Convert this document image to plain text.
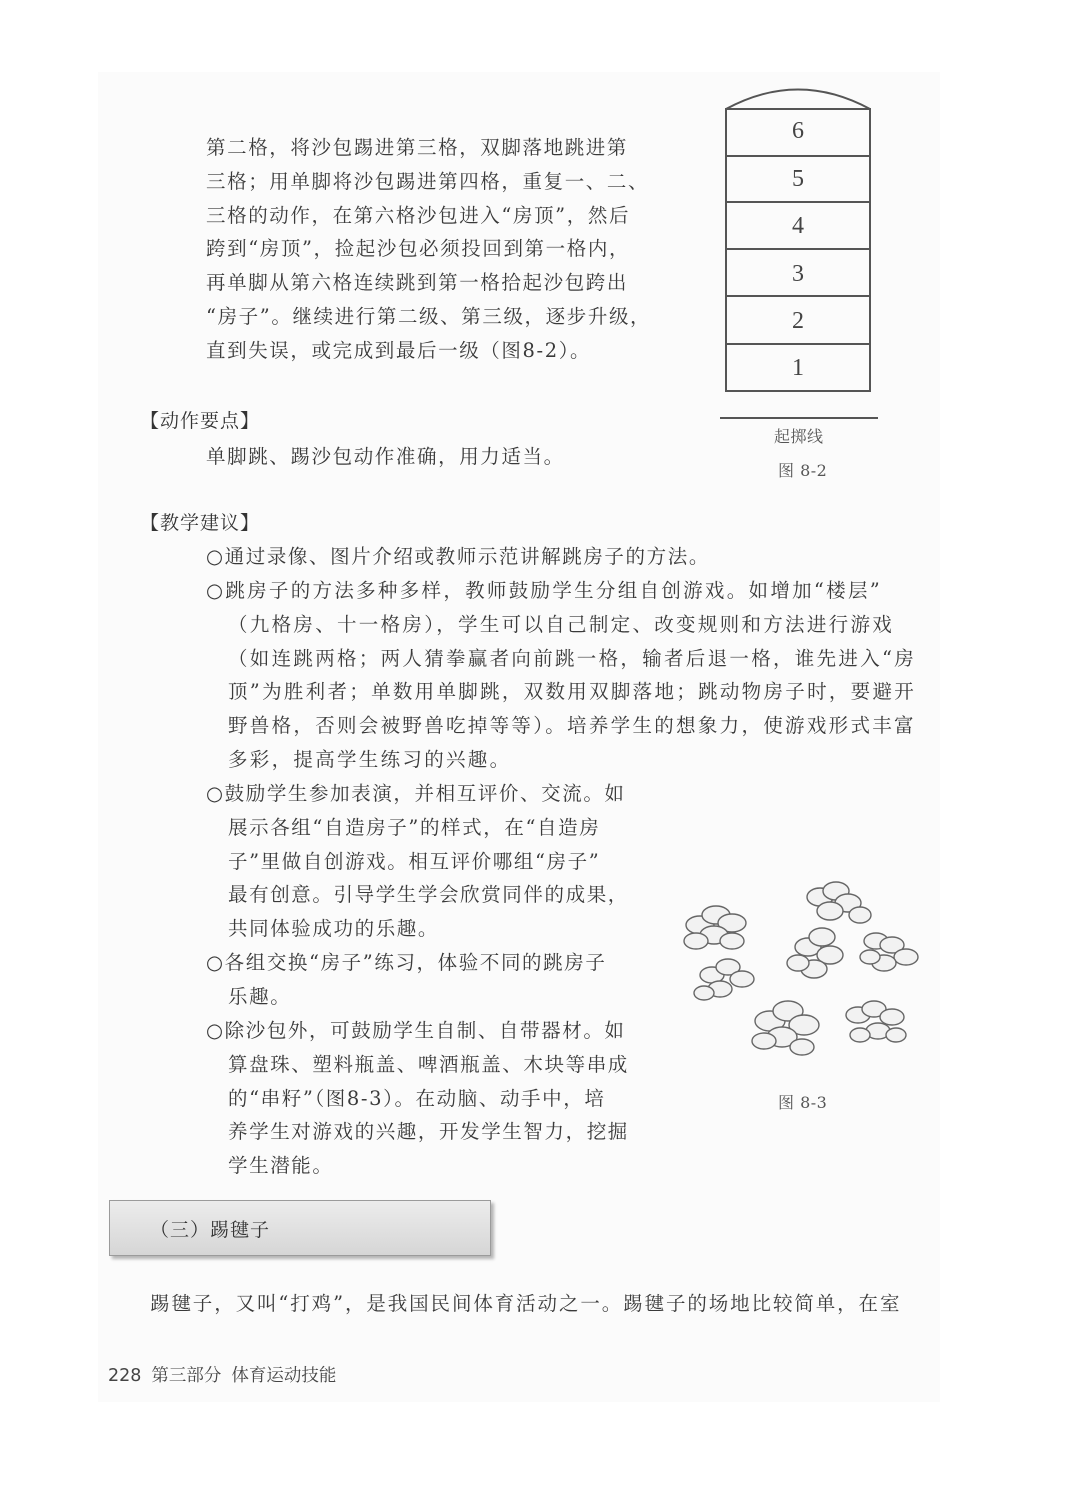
第二格，将沙包踢进第三格，双脚落地跳进第

三格；用单脚将沙包踢进第四格，重复一、二、

三格的动作，在第六格沙包进入“房顶”，然后

跨到“房顶”，捡起沙包必须投回到第一格内，

再单脚从第六格连续跳到第一格拾起沙包跨出

“房子”。继续进行第二级、第三级，逐步升级，

直到失误，或完成到最后一级（图8-2）。

6
5
4
3
2
1
起掷线
图 8-2
【动作要点】

单脚跳、踢沙包动作准确，用力适当。

【教学建议】

○通过录像、图片介绍或教师示范讲解跳房子的方法。

○跳房子的方法多种多样，教师鼓励学生分组自创游戏。如增加“楼层”

（九格房、十一格房），学生可以自己制定、改变规则和方法进行游戏

（如连跳两格；两人猜拳赢者向前跳一格，输者后退一格，谁先进入“房

顶”为胜利者；单数用单脚跳，双数用双脚落地；跳动物房子时，要避开

野兽格，否则会被野兽吃掉等等）。培养学生的想象力，使游戏形式丰富

多彩，提高学生练习的兴趣。

○鼓励学生参加表演，并相互评价、交流。如

展示各组“自造房子”的样式，在“自造房

子”里做自创游戏。相互评价哪组“房子”

最有创意。引导学生学会欣赏同伴的成果，

共同体验成功的乐趣。

○各组交换“房子”练习，体验不同的跳房子

乐趣。

○除沙包外，可鼓励学生自制、自带器材。如

算盘珠、塑料瓶盖、啤酒瓶盖、木块等串成

的“串籽”（图8-3）。在动脑、动手中，培

养学生对游戏的兴趣，开发学生智力，挖掘

学生潜能。

图 8-3
（三）踢毽子

踢毽子，又叫“打鸡”，是我国民间体育活动之一。踢毽子的场地比较简单，在室

228 第三部分 体育运动技能
